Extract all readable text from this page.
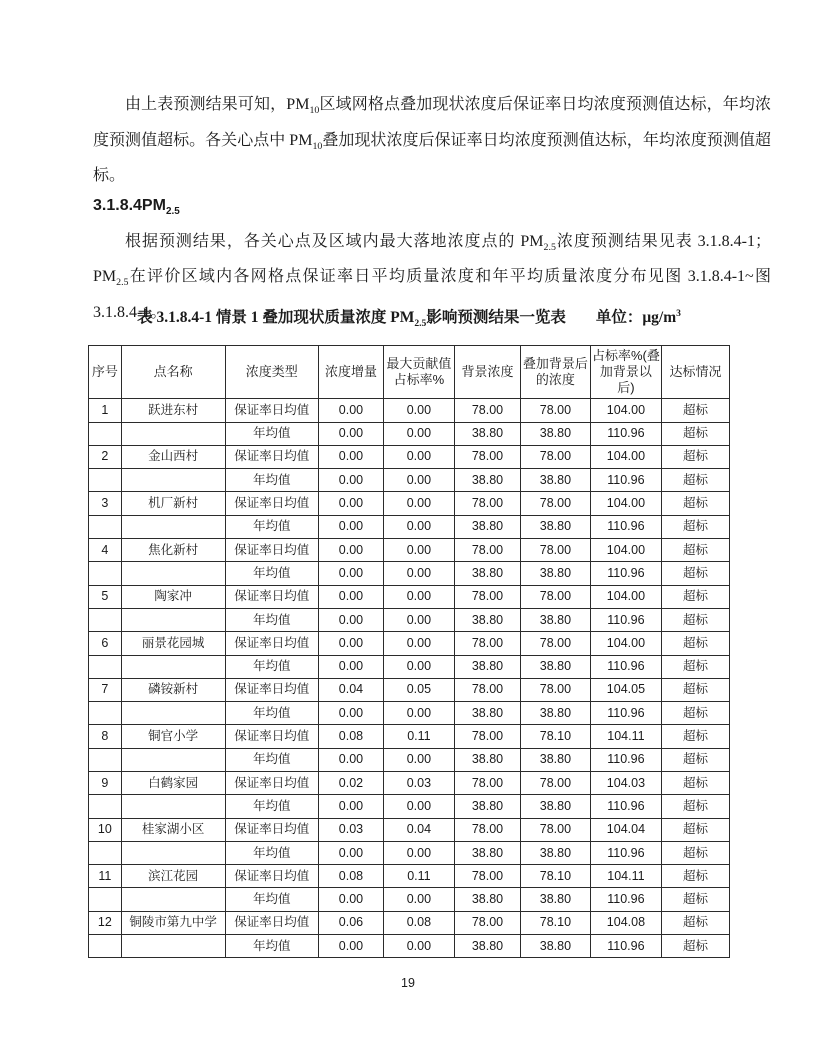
由上表预测结果可知，$PM_{10}$区域网格点叠加现状浓度后保证率日均浓度预测值达标，年均浓度预测值超标。各关心点中 $PM_{10}$叠加现状浓度后保证率日均浓度预测值达标，年均浓度预测值超标。

$3.1.8.4PM_{2.5}$

根据预测结果，各关心点及区域内最大落地浓度点的 $PM_{2.5}$浓度预测结果见表 3.1.8.4-1；$PM_{2.5}$在评价区域内各网格点保证率日平均质量浓度和年平均质量浓度分布见图 3.1.8.4-1~图 3.1.8.4-1。

表 3.1.8.4-1 情景 1 叠加现状质量浓度 $PM_{2.5}$影响预测结果一览表 单位：$\mu g/m^3$
序号	点名称	浓度类型	浓度增量	最大贡献值占标率%	背景浓度	叠加背景后的浓度	占标率%(叠加背景以后)	达标情况
1	跃进东村	保证率日均值	0.00	0.00	78.00	78.00	104.00	超标
		年均值	0.00	0.00	38.80	38.80	110.96	超标
2	金山西村	保证率日均值	0.00	0.00	78.00	78.00	104.00	超标
		年均值	0.00	0.00	38.80	38.80	110.96	超标
3	机厂新村	保证率日均值	0.00	0.00	78.00	78.00	104.00	超标
		年均值	0.00	0.00	38.80	38.80	110.96	超标
4	焦化新村	保证率日均值	0.00	0.00	78.00	78.00	104.00	超标
		年均值	0.00	0.00	38.80	38.80	110.96	超标
5	陶家冲	保证率日均值	0.00	0.00	78.00	78.00	104.00	超标
		年均值	0.00	0.00	38.80	38.80	110.96	超标
6	丽景花园城	保证率日均值	0.00	0.00	78.00	78.00	104.00	超标
		年均值	0.00	0.00	38.80	38.80	110.96	超标
7	磷铵新村	保证率日均值	0.04	0.05	78.00	78.00	104.05	超标
		年均值	0.00	0.00	38.80	38.80	110.96	超标
8	铜官小学	保证率日均值	0.08	0.11	78.00	78.10	104.11	超标
		年均值	0.00	0.00	38.80	38.80	110.96	超标
9	白鹤家园	保证率日均值	0.02	0.03	78.00	78.00	104.03	超标
		年均值	0.00	0.00	38.80	38.80	110.96	超标
10	桂家湖小区	保证率日均值	0.03	0.04	78.00	78.00	104.04	超标
		年均值	0.00	0.00	38.80	38.80	110.96	超标
11	滨江花园	保证率日均值	0.08	0.11	78.00	78.10	104.11	超标
		年均值	0.00	0.00	38.80	38.80	110.96	超标
12	铜陵市第九中学	保证率日均值	0.06	0.08	78.00	78.10	104.08	超标
		年均值	0.00	0.00	38.80	38.80	110.96	超标
19
